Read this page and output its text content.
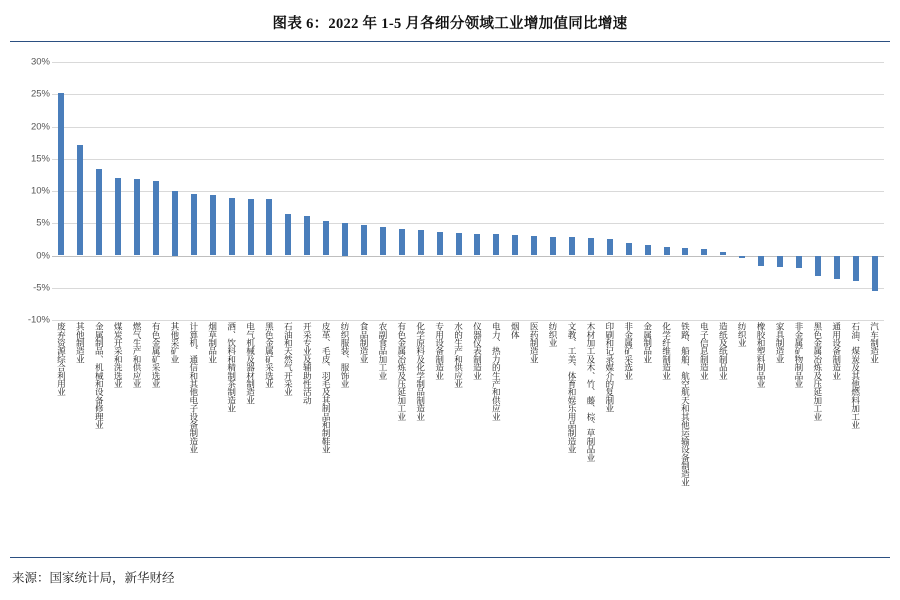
图表 6：2022 年 1-5 月各细分领域工业增加值同比增速
30%
25%
20%
15%
10%
5%
0%
-5%
-10%
废弃资源综合利用业 其他制造业 金属制品、机械和设备修理业 煤炭开采和洗选业 燃气生产和供应业 有色金属矿采选业 其他采矿业 计算机、通信和其他电子设备制造业 烟草制品业 酒、饮料和精制茶制造业 电气机械及器材制造业 黑色金属矿采选业 石油和天然气开采业 开采专业及辅助性活动 皮革、毛皮、羽毛及其制品和制鞋业 纺织服装、服饰业 食品制造业 农副食品加工业 有色金属冶炼及压延加工业 化学原料及化学制品制造业 专用设备制造业 水的生产和供应业 仪器仪表制造业 电力、热力的生产和供应业 烟体 医药制造业 纺织业 文教、工美、体育和娱乐用品制造业 木材加工及木、竹、藤、棕、草制品业 印刷和记录媒介的复制业 非金属矿采选业 金属制品业 化学纤维制造业 铁路、船舶、航空航天和其他运输设备制造业 电子信息制造业 造纸及纸制品业 纺织业 橡胶和塑料制品业 家具制造业 非金属矿物制品业 黑色金属冶炼及压延加工业 通用设备制造业 石油、煤炭及其他燃料加工业 汽车制造业
来源：国家统计局，新华财经
